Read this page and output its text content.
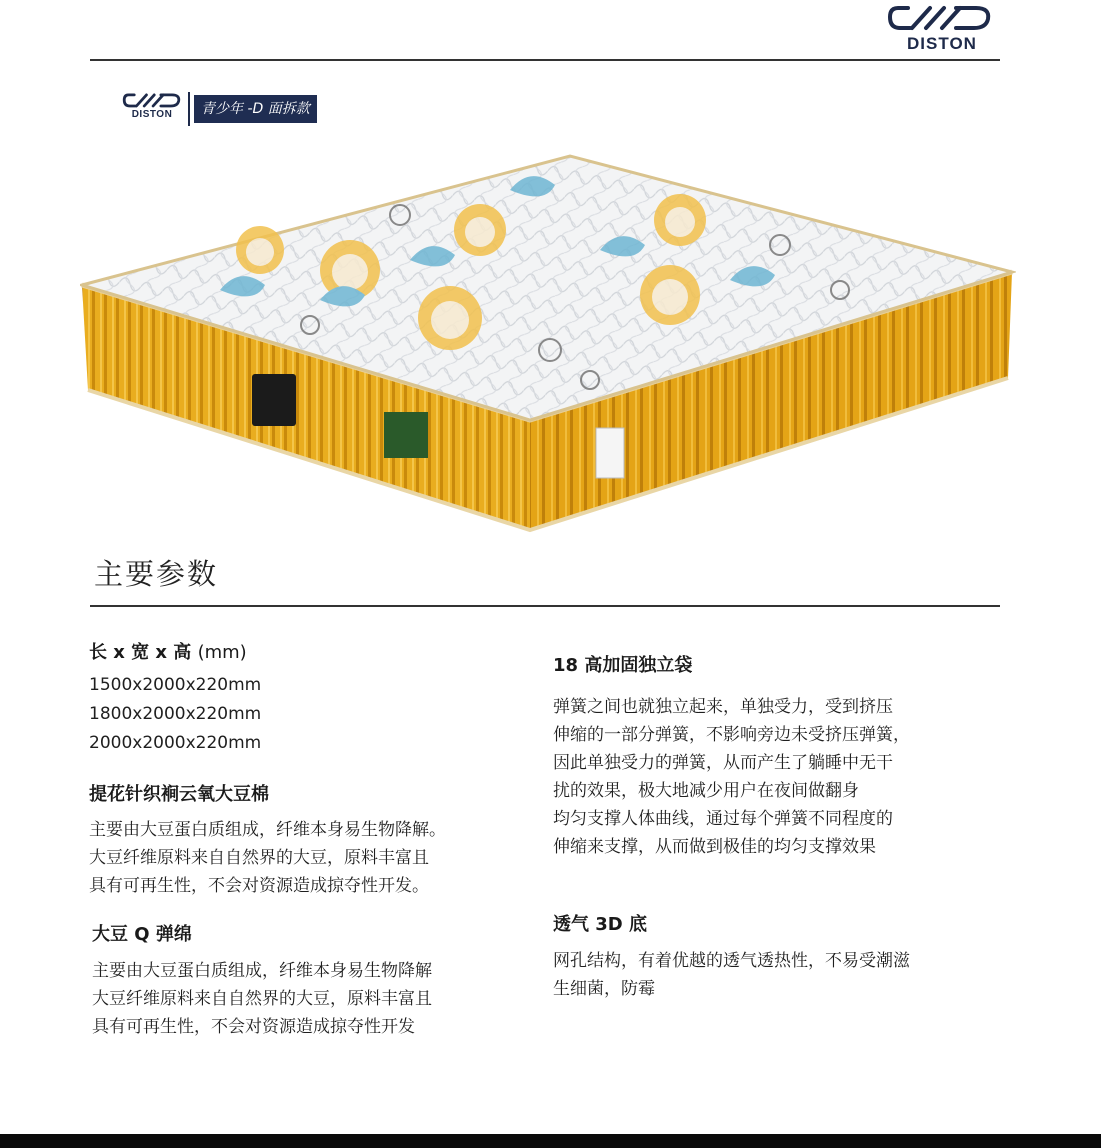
DISTON
DISTON	青少年 -D 面拆款
主要参数
长 x 宽 x 高 (mm)
1500x2000x220mm
1800x2000x220mm
2000x2000x220mm
提花针织裥云氧大豆棉
主要由大豆蛋白质组成，纤维本身易生物降解。
大豆纤维原料来自自然界的大豆，原料丰富且
具有可再生性，不会对资源造成掠夺性开发。
大豆 Q 弹绵
主要由大豆蛋白质组成，纤维本身易生物降解
大豆纤维原料来自自然界的大豆，原料丰富且
具有可再生性，不会对资源造成掠夺性开发
18 高加固独立袋
弹簧之间也就独立起来，单独受力，受到挤压
伸缩的一部分弹簧，不影响旁边未受挤压弹簧，
因此单独受力的弹簧，从而产生了躺睡中无干
扰的效果，极大地减少用户在夜间做翻身
均匀支撑人体曲线，通过每个弹簧不同程度的
伸缩来支撑，从而做到极佳的均匀支撑效果
透气 3D 底
网孔结构，有着优越的透气透热性，不易受潮滋
生细菌，防霉
